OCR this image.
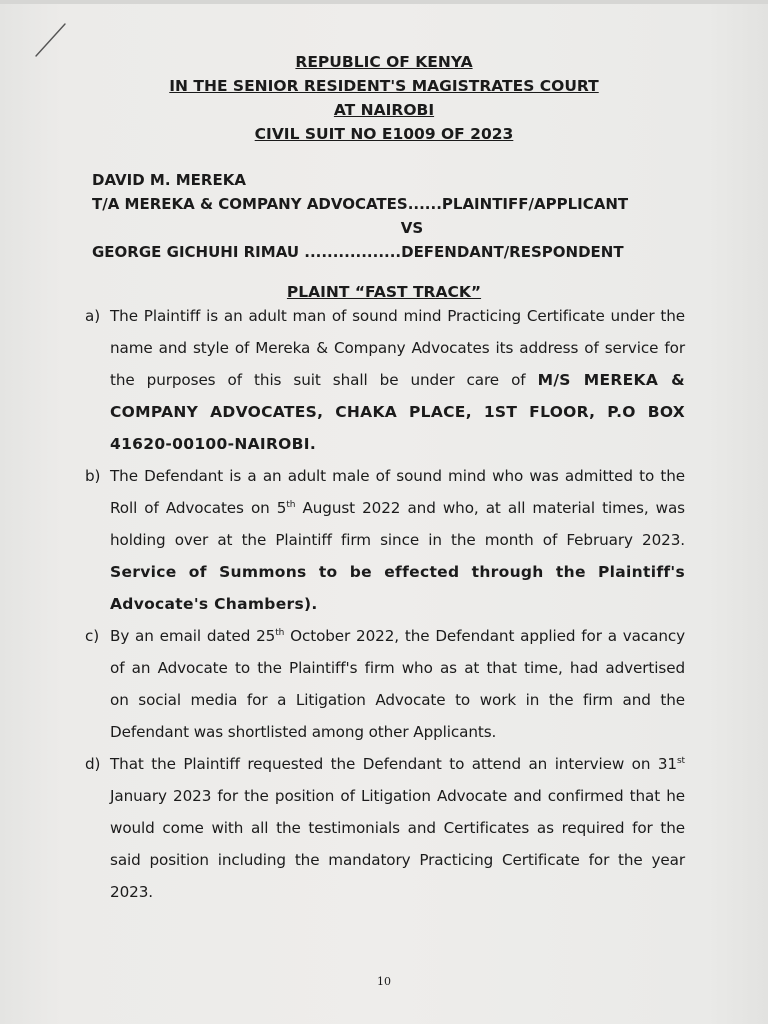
REPUBLIC OF KENYA
IN THE SENIOR RESIDENT'S MAGISTRATES COURT
AT NAIROBI
CIVIL SUIT NO E1009 OF 2023
DAVID M. MEREKA
T/A MEREKA & COMPANY ADVOCATES......PLAINTIFF/APPLICANT
VS
GEORGE GICHUHI RIMAU .................DEFENDANT/RESPONDENT
PLAINT “FAST TRACK”
a) The Plaintiff is an adult man of sound mind Practicing Certificate under the
name and style of Mereka & Company Advocates its address of service for
the purposes of this suit shall be under care of M/S MEREKA &
COMPANY ADVOCATES, CHAKA PLACE, 1ST FLOOR, P.O BOX
41620-00100-NAIROBI.
b) The Defendant is a an adult male of sound mind who was admitted to the
Roll of Advocates on 5th August 2022 and who, at all material times, was
holding over at the Plaintiff firm since in the month of February 2023.
Service of Summons to be effected through the Plaintiff's
Advocate's Chambers).
c) By an email dated 25th October 2022, the Defendant applied for a vacancy
of an Advocate to the Plaintiff's firm who as at that time, had advertised
on social media for a Litigation Advocate to work in the firm and the
Defendant was shortlisted among other Applicants.
d) That the Plaintiff requested the Defendant to attend an interview on 31st
January 2023 for the position of Litigation Advocate and confirmed that he
would come with all the testimonials and Certificates as required for the
said position including the mandatory Practicing Certificate for the year
2023.
10
